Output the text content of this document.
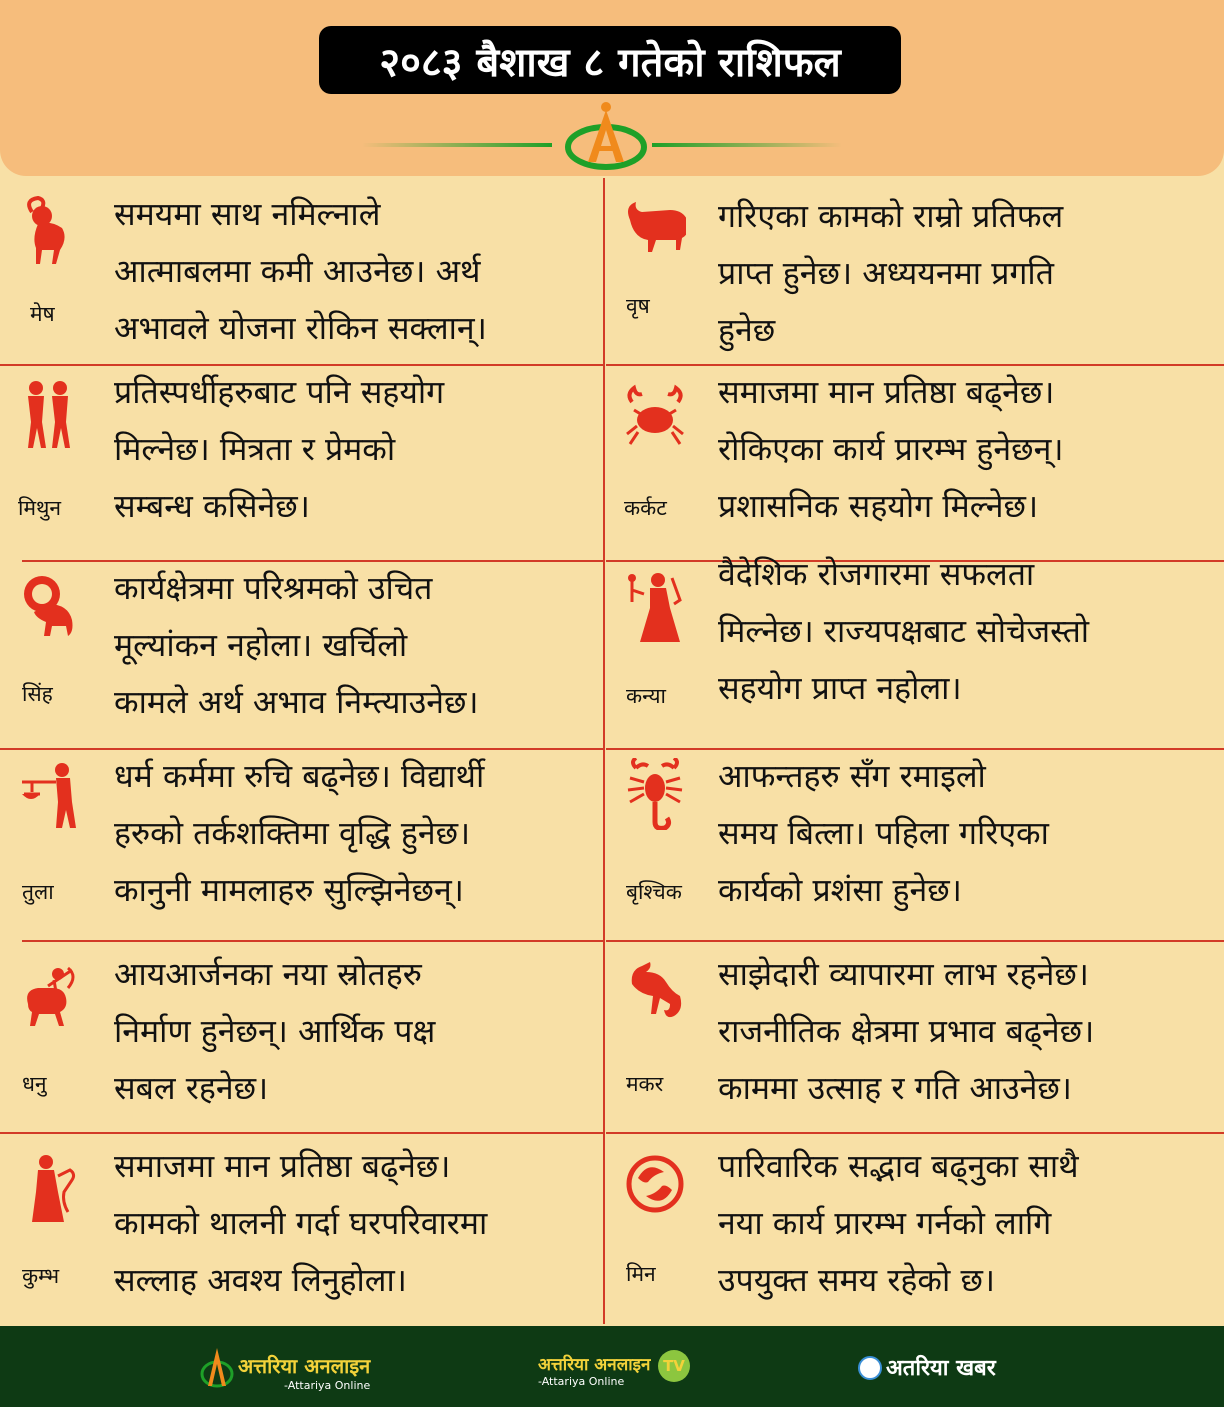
२०८३ बैशाख ८ गतेको राशिफल
मेष
समयमा साथ नमिल्नाले
आत्माबलमा कमी आउनेछ। अर्थ
अभावले योजना रोकिन सक्लान्।
वृष
गरिएका कामको राम्रो प्रतिफल
प्राप्त हुनेछ। अध्ययनमा प्रगति
हुनेछ
मिथुन
प्रतिस्पर्धीहरुबाट पनि सहयोग
मिल्नेछ। मित्रता र प्रेमको
सम्बन्ध कसिनेछ।	कर्कट
समाजमा मान प्रतिष्ठा बढ्नेछ।
रोकिएका कार्य प्रारम्भ हुनेछन्।
प्रशासनिक सहयोग मिल्नेछ।
सिंह
कार्यक्षेत्रमा परिश्रमको उचित
मूल्यांकन नहोला। खर्चिलो
कामले अर्थ अभाव निम्त्याउनेछ।	कन्या
वैदेशिक रोजगारमा सफलता
मिल्नेछ। राज्यपक्षबाट सोचेजस्तो
सहयोग प्राप्त नहोला।
तुला
धर्म कर्ममा रुचि बढ्नेछ। विद्यार्थी
हरुको तर्कशक्तिमा वृद्धि हुनेछ।
कानुनी मामलाहरु सुल्झिनेछन्।	बृश्चिक
आफन्तहरु सँग रमाइलो
समय बित्ला। पहिला गरिएका
कार्यको प्रशंसा हुनेछ।
धनु
आयआर्जनका नया स्रोतहरु
निर्माण हुनेछन्। आर्थिक पक्ष
सबल रहनेछ।	मकर
साझेदारी व्यापारमा लाभ रहनेछ।
राजनीतिक क्षेत्रमा प्रभाव बढ्नेछ।
काममा उत्साह र गति आउनेछ।
कुम्भ
समाजमा मान प्रतिष्ठा बढ्नेछ।
कामको थालनी गर्दा घरपरिवारमा
सल्लाह अवश्य लिनुहोला।	मिन
पारिवारिक सद्भाव बढ्नुका साथै
नया कार्य प्रारम्भ गर्नको लागि
उपयुक्त समय रहेको छ।
अत्तरिया अनलाइन
-Attariya Online
अत्तरिया अनलाइन
-Attariya Online
TV	अतरिया खबर
